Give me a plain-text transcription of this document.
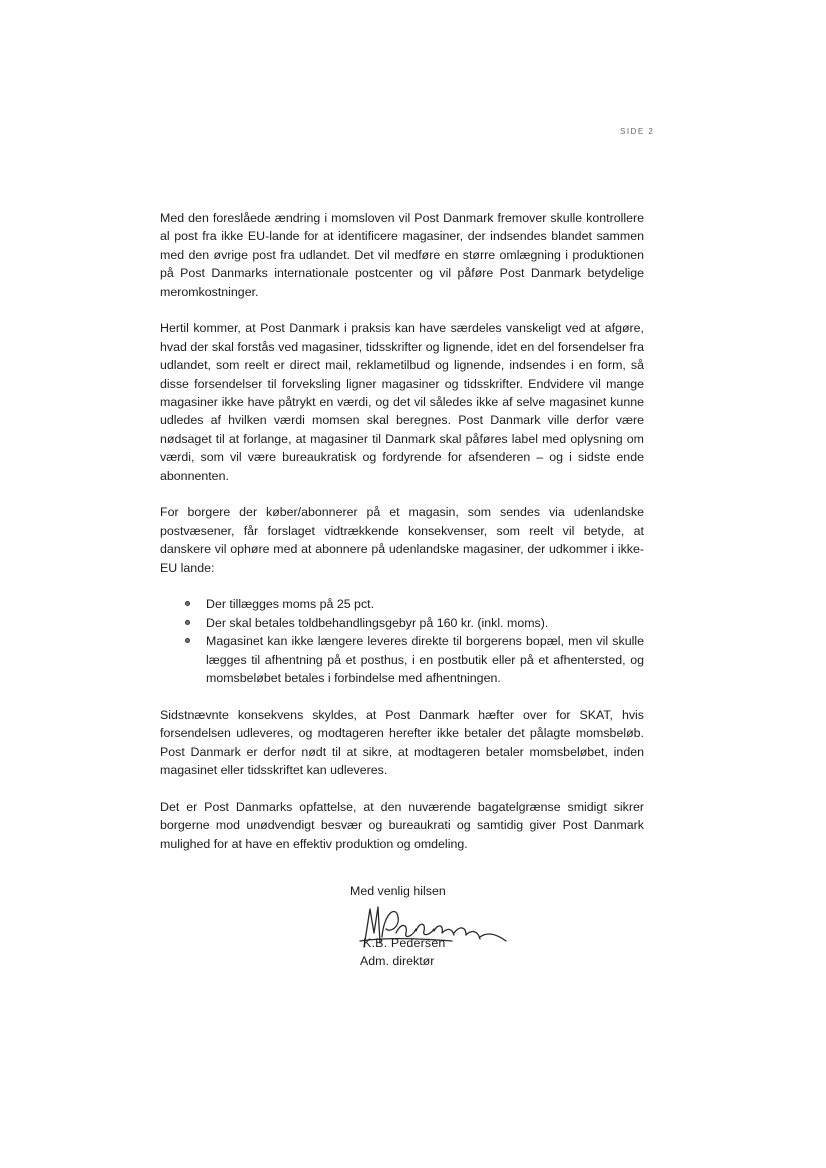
SIDE 2

Med den foreslåede ændring i momsloven vil Post Danmark fremover skulle kontrollere al post fra ikke EU-lande for at identificere magasiner, der indsendes blandet sammen med den øvrige post fra udlandet. Det vil medføre en større omlægning i produktionen på Post Danmarks internationale postcenter og vil påføre Post Danmark betydelige meromkostninger.

Hertil kommer, at Post Danmark i praksis kan have særdeles vanskeligt ved at afgøre, hvad der skal forstås ved magasiner, tidsskrifter og lignende, idet en del forsendelser fra udlandet, som reelt er direct mail, reklametilbud og lignende, indsendes i en form, så disse forsendelser til forveksling ligner magasiner og tidsskrifter. Endvidere vil mange magasiner ikke have påtrykt en værdi, og det vil således ikke af selve magasinet kunne udledes af hvilken værdi momsen skal beregnes. Post Danmark ville derfor være nødsaget til at forlange, at magasiner til Danmark skal påføres label med oplysning om værdi, som vil være bureaukratisk og fordyrende for afsenderen – og i sidste ende abonnenten.

For borgere der køber/abonnerer på et magasin, som sendes via udenlandske postvæsener, får forslaget vidtrækkende konsekvenser, som reelt vil betyde, at danskere vil ophøre med at abonnere på udenlandske magasiner, der udkommer i ikke-EU lande:

Der tillægges moms på 25 pct.
Der skal betales toldbehandlingsgebyr på 160 kr. (inkl. moms).
Magasinet kan ikke længere leveres direkte til borgerens bopæl, men vil skulle lægges til afhentning på et posthus, i en postbutik eller på et afhentersted, og momsbeløbet betales i forbindelse med afhentningen.

Sidstnævnte konsekvens skyldes, at Post Danmark hæfter over for SKAT, hvis forsendelsen udleveres, og modtageren herefter ikke betaler det pålagte momsbeløb. Post Danmark er derfor nødt til at sikre, at modtageren betaler momsbeløbet, inden magasinet eller tidsskriftet kan udleveres.

Det er Post Danmarks opfattelse, at den nuværende bagatelgrænse smidigt sikrer borgerne mod unødvendigt besvær og bureaukrati og samtidig giver Post Danmark mulighed for at have en effektiv produktion og omdeling.

Med venlig hilsen
K.B. Pedersen
Adm. direktør
